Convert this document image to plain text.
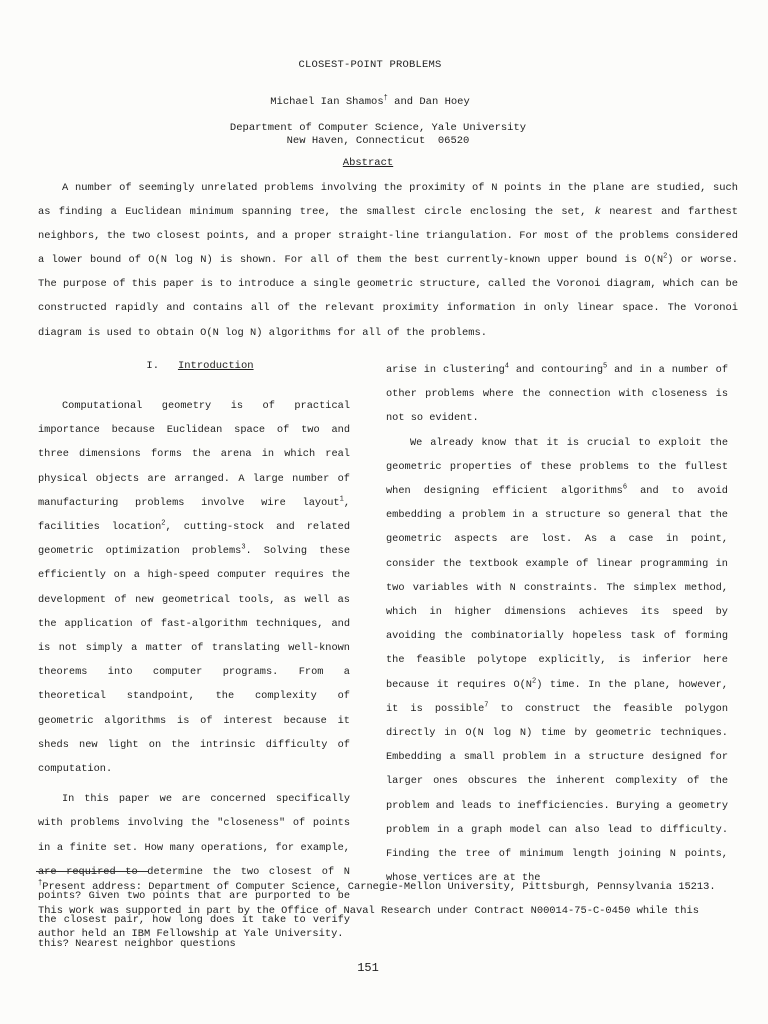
CLOSEST-POINT PROBLEMS
Michael Ian Shamos† and Dan Hoey
Department of Computer Science, Yale University
New Haven, Connecticut  06520
Abstract

A number of seemingly unrelated problems involving the proximity of N points in the plane are studied, such as finding a Euclidean minimum spanning tree, the smallest circle enclosing the set, k nearest and farthest neighbors, the two closest points, and a proper straight-line triangulation. For most of the problems considered a lower bound of O(N log N) is shown. For all of them the best currently-known upper bound is $O(N^2)$ or worse. The purpose of this paper is to introduce a single geometric structure, called the Voronoi diagram, which can be constructed rapidly and contains all of the relevant proximity information in only linear space. The Voronoi diagram is used to obtain O(N log N) algorithms for all of the problems.

I. Introduction

Computational geometry is of practical importance because Euclidean space of two and three dimensions forms the arena in which real physical objects are arranged. A large number of manufacturing problems involve wire layout$^1$, facilities location$^2$, cutting-stock and related geometric optimization problems$^3$. Solving these efficiently on a high-speed computer requires the development of new geometrical tools, as well as the application of fast-algorithm techniques, and is not simply a matter of translating well-known theorems into computer programs. From a theoretical standpoint, the complexity of geometric algorithms is of interest because it sheds new light on the intrinsic difficulty of computation.

In this paper we are concerned specifically with problems involving the "closeness" of points in a finite set. How many operations, for example, are required to determine the two closest of N points? Given two points that are purported to be the closest pair, how long does it take to verify this? Nearest neighbor questions

arise in clustering$^4$ and contouring$^5$ and in a number of other problems where the connection with closeness is not so evident.

We already know that it is crucial to exploit the geometric properties of these problems to the fullest when designing efficient algorithms$^6$ and to avoid embedding a problem in a structure so general that the geometric aspects are lost. As a case in point, consider the textbook example of linear programming in two variables with N constraints. The simplex method, which in higher dimensions achieves its speed by avoiding the combinatorially hopeless task of forming the feasible polytope explicitly, is inferior here because it requires $O(N^2)$ time. In the plane, however, it is possible$^7$ to construct the feasible polygon directly in O(N log N) time by geometric techniques. Embedding a small problem in a structure designed for larger ones obscures the inherent complexity of the problem and leads to inefficiencies. Burying a geometry problem in a graph model can also lead to difficulty. Finding the tree of minimum length joining N points, whose vertices are at the

†Present address: Department of Computer Science, Carnegie-Mellon University, Pittsburgh, Pennsylvania 15213.

This work was supported in part by the Office of Naval Research under Contract N00014-75-C-0450 while this author held an IBM Fellowship at Yale University.

151
